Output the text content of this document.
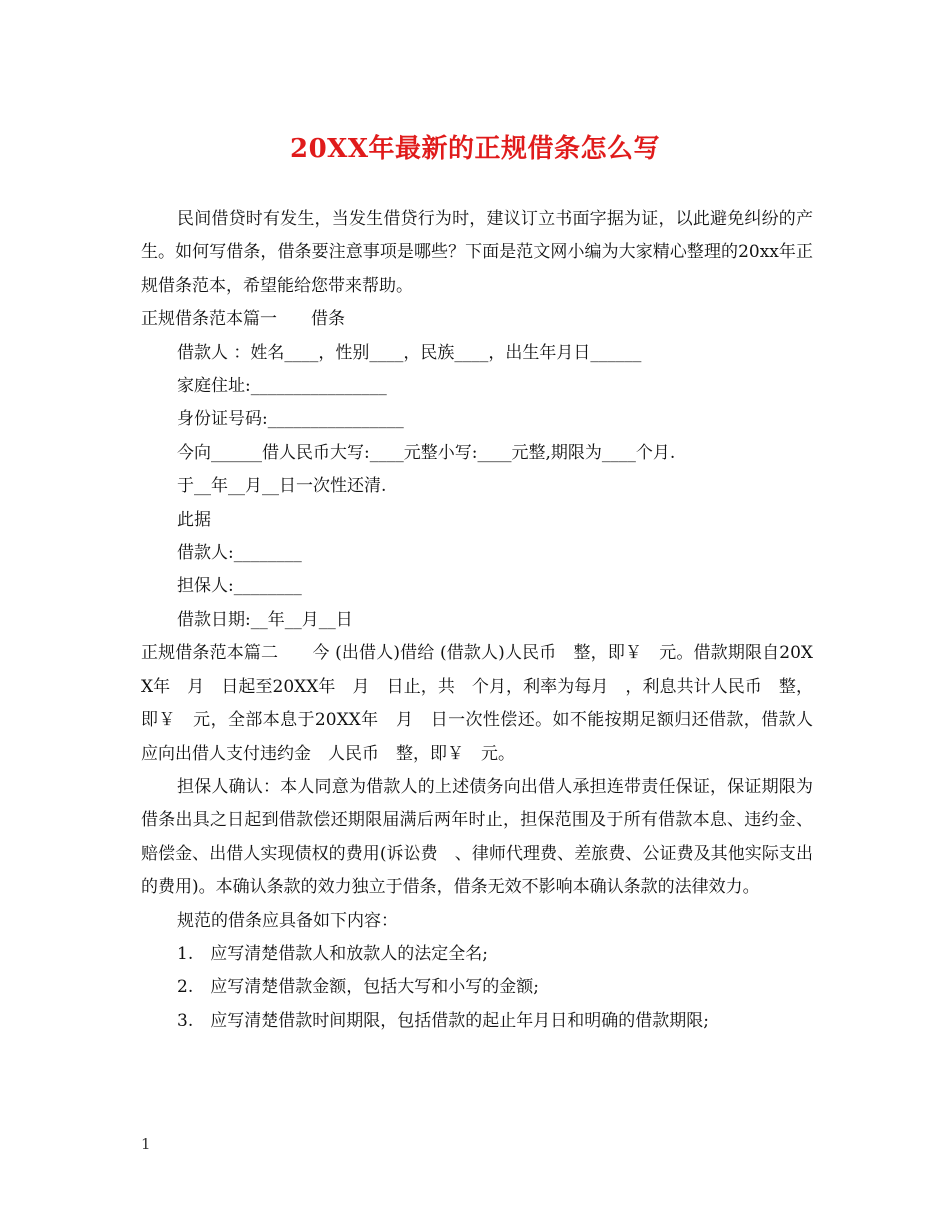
20XX年最新的正规借条怎么写

民间借贷时有发生，当发生借贷行为时，建议订立书面字据为证，以此避免纠纷的产生。如何写借条，借条要注意事项是哪些？下面是范文网小编为大家精心整理的20xx年正规借条范本，希望能给您带来帮助。

正规借条范本篇一　　借条

借款人 ：姓名____，性别____，民族____，出生年月日______

家庭住址:________________

身份证号码:________________

今向______借人民币大写:____元整小写:____元整,期限为____个月.

于__年__月__日一次性还清.

此据

借款人:________

担保人:________

借款日期:__年__月__日

正规借条范本篇二　　今 (出借人)借给 (借款人)人民币　整，即￥　元。借款期限自20XX年　月　日起至20XX年　月　日止，共　个月，利率为每月　，利息共计人民币　整，即￥　元，全部本息于20XX年　月　日一次性偿还。如不能按期足额归还借款，借款人应向出借人支付违约金　人民币　整，即￥　元。

担保人确认：本人同意为借款人的上述债务向出借人承担连带责任保证，保证期限为借条出具之日起到借款偿还期限届满后两年时止，担保范围及于所有借款本息、违约金、赔偿金、出借人实现债权的费用(诉讼费　、律师代理费、差旅费、公证费及其他实际支出的费用)。本确认条款的效力独立于借条，借条无效不影响本确认条款的法律效力。

规范的借条应具备如下内容：

1.　应写清楚借款人和放款人的法定全名;

2.　应写清楚借款金额，包括大写和小写的金额;

3.　应写清楚借款时间期限，包括借款的起止年月日和明确的借款期限;

1
